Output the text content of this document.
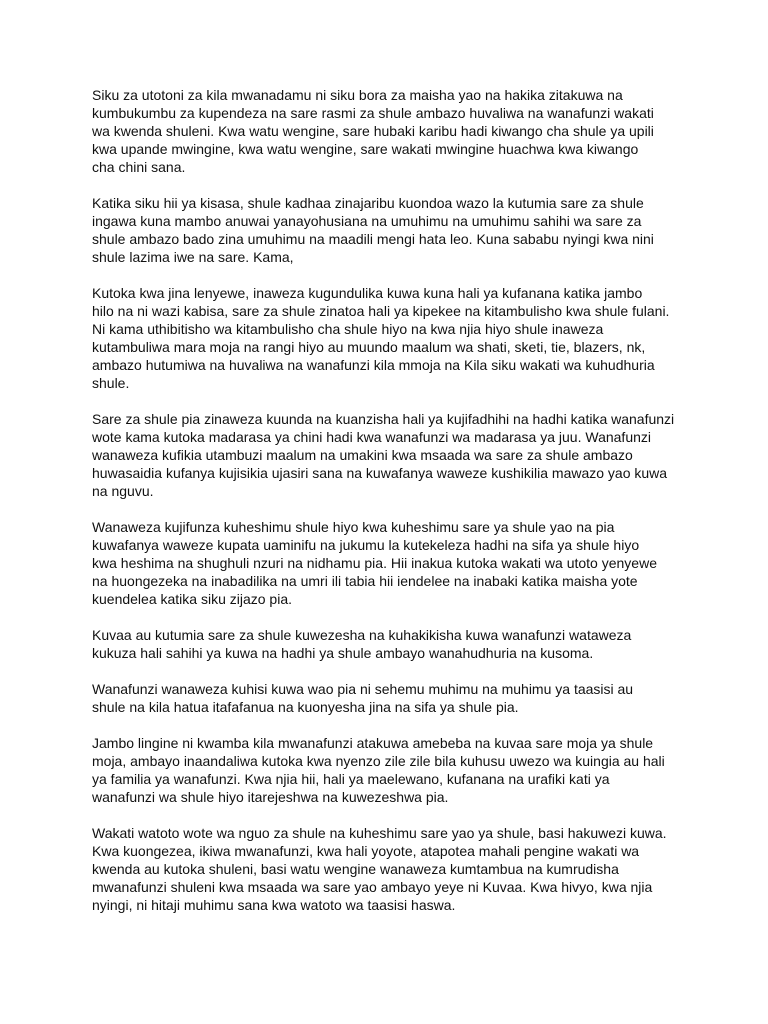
Siku za utotoni za kila mwanadamu ni siku bora za maisha yao na hakika zitakuwa na
kumbukumbu za kupendeza na sare rasmi za shule ambazo huvaliwa na wanafunzi wakati
wa kwenda shuleni. Kwa watu wengine, sare hubaki karibu hadi kiwango cha shule ya upili
kwa upande mwingine, kwa watu wengine, sare wakati mwingine huachwa kwa kiwango
cha chini sana.
Katika siku hii ya kisasa, shule kadhaa zinajaribu kuondoa wazo la kutumia sare za shule
ingawa kuna mambo anuwai yanayohusiana na umuhimu na umuhimu sahihi wa sare za
shule ambazo bado zina umuhimu na maadili mengi hata leo. Kuna sababu nyingi kwa nini
shule lazima iwe na sare. Kama,
Kutoka kwa jina lenyewe, inaweza kugundulika kuwa kuna hali ya kufanana katika jambo
hilo na ni wazi kabisa, sare za shule zinatoa hali ya kipekee na kitambulisho kwa shule fulani.
Ni kama uthibitisho wa kitambulisho cha shule hiyo na kwa njia hiyo shule inaweza
kutambuliwa mara moja na rangi hiyo au muundo maalum wa shati, sketi, tie, blazers, nk,
ambazo hutumiwa na huvaliwa na wanafunzi kila mmoja na Kila siku wakati wa kuhudhuria
shule.
Sare za shule pia zinaweza kuunda na kuanzisha hali ya kujifadhihi na hadhi katika wanafunzi
wote kama kutoka madarasa ya chini hadi kwa wanafunzi wa madarasa ya juu. Wanafunzi
wanaweza kufikia utambuzi maalum na umakini kwa msaada wa sare za shule ambazo
huwasaidia kufanya kujisikia ujasiri sana na kuwafanya waweze kushikilia mawazo yao kuwa
na nguvu.
Wanaweza kujifunza kuheshimu shule hiyo kwa kuheshimu sare ya shule yao na pia
kuwafanya waweze kupata uaminifu na jukumu la kutekeleza hadhi na sifa ya shule hiyo
kwa heshima na shughuli nzuri na nidhamu pia. Hii inakua kutoka wakati wa utoto yenyewe
na huongezeka na inabadilika na umri ili tabia hii iendelee na inabaki katika maisha yote
kuendelea katika siku zijazo pia.
Kuvaa au kutumia sare za shule kuwezesha na kuhakikisha kuwa wanafunzi wataweza
kukuza hali sahihi ya kuwa na hadhi ya shule ambayo wanahudhuria na kusoma.
Wanafunzi wanaweza kuhisi kuwa wao pia ni sehemu muhimu na muhimu ya taasisi au
shule na kila hatua itafafanua na kuonyesha jina na sifa ya shule pia.
Jambo lingine ni kwamba kila mwanafunzi atakuwa amebeba na kuvaa sare moja ya shule
moja, ambayo inaandaliwa kutoka kwa nyenzo zile zile bila kuhusu uwezo wa kuingia au hali
ya familia ya wanafunzi. Kwa njia hii, hali ya maelewano, kufanana na urafiki kati ya
wanafunzi wa shule hiyo itarejeshwa na kuwezeshwa pia.
Wakati watoto wote wa nguo za shule na kuheshimu sare yao ya shule, basi hakuwezi kuwa.
Kwa kuongezea, ikiwa mwanafunzi, kwa hali yoyote, atapotea mahali pengine wakati wa
kwenda au kutoka shuleni, basi watu wengine wanaweza kumtambua na kumrudisha
mwanafunzi shuleni kwa msaada wa sare yao ambayo yeye ni Kuvaa. Kwa hivyo, kwa njia
nyingi, ni hitaji muhimu sana kwa watoto wa taasisi haswa.
